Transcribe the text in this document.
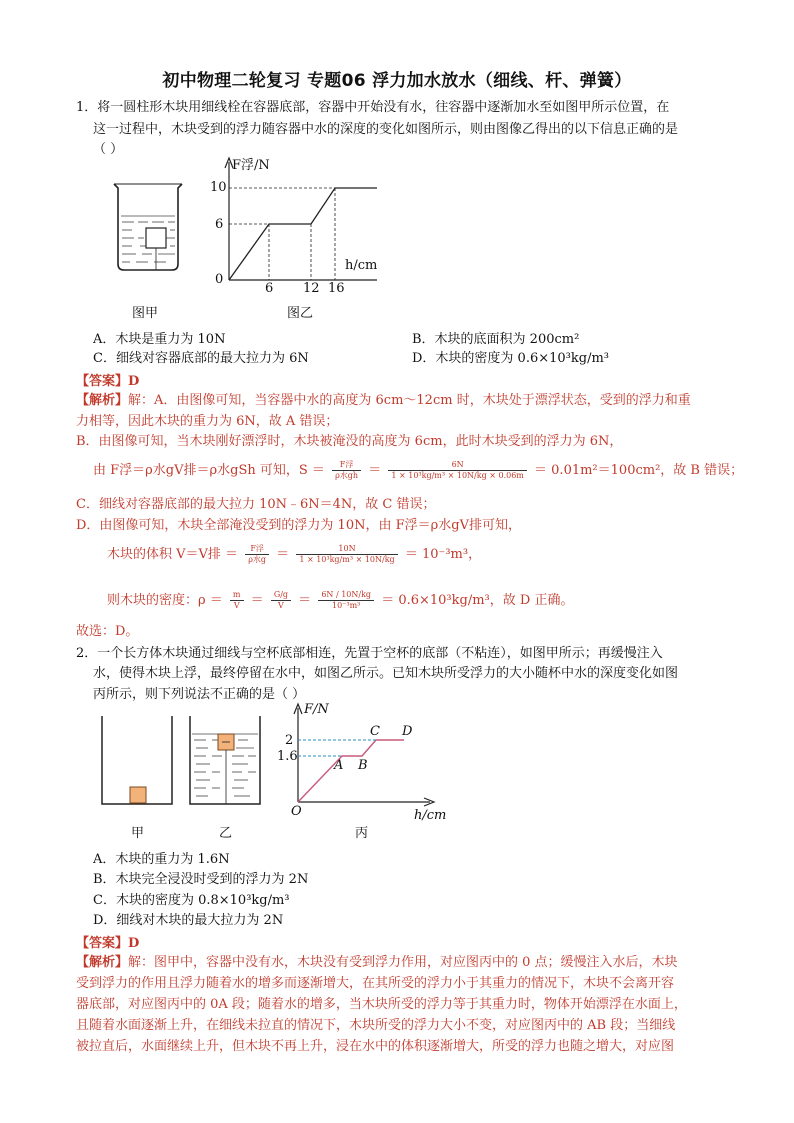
初中物理二轮复习 专题06 浮力加水放水（细线、杆、弹簧）
1．将一圆柱形木块用细线栓在容器底部，容器中开始没有水，往容器中逐渐加水至如图甲所示位置，在
这一过程中，木块受到的浮力随容器中水的深度的变化如图所示，则由图像乙得出的以下信息正确的是
（ ）
图甲
F浮/N
10
6
0
h/cm
6 12 16
图乙
A．木块是重力为 10N	B．木块的底面积为 200cm²
C．细线对容器底部的最大拉力为 6N	D．木块的密度为 0.6×10³kg/m³
【答案】D
【解析】解：A．由图像可知，当容器中水的高度为 6cm～12cm 时，木块处于漂浮状态，受到的浮力和重
力相等，因此木块的重力为 6N，故 A 错误；
B．由图像可知，当木块刚好漂浮时，木块被淹没的高度为 6cm，此时木块受到的浮力为 6N，
由 F浮＝ρ水gV排＝ρ水gSh 可知，$S = \frac{\text{F浮}}{\text{ρ水gh}} = \frac{6N}{\text{1 × 10³kg/m³ × 10N/kg × 0.06m}} = 0.01m^2=100cm^2$，故 B 错误；
C．细线对容器底部的最大拉力 10N﹣6N＝4N，故 C 错误；
D．由图像可知，木块全部淹没受到的浮力为 10N，由 F浮＝ρ水gV排可知，
木块的体积 V＝V排 ＝ $\frac{\text{F浮}}{\text{ρ水g}} = \frac{10N}{\text{1 × 10³kg/m³ × 10N/kg}} = 10^{-3}m^3$，
则木块的密度：$\rho = \frac{m}{V} = \frac{G/g}{V} = \frac{6N / 10N/kg}{\text{10⁻³m³}} = 0.6\times 10^3kg/m^3$，故 D 正确。
故选：D。
2．一个长方体木块通过细线与空杯底部相连，先置于空杯的底部（不粘连），如图甲所示；再缓慢注入
水，使得木块上浮，最终停留在水中，如图乙所示。已知木块所受浮力的大小随杯中水的深度变化如图
丙所示，则下列说法不正确的是（ ）
甲	乙
F/N
2
1.6
O
A B
C D
h/cm
丙
A．木块的重力为 1.6N
B．木块完全浸没时受到的浮力为 2N
C．木块的密度为 0.8×10³kg/m³
D．细线对木块的最大拉力为 2N
【答案】D
【解析】解：图甲中，容器中没有水，木块没有受到浮力作用，对应图丙中的 0 点；缓慢注入水后，木块
受到浮力的作用且浮力随着水的增多而逐渐增大，在其所受的浮力小于其重力的情况下，木块不会离开容
器底部，对应图丙中的 0A 段；随着水的增多，当木块所受的浮力等于其重力时，物体开始漂浮在水面上，
且随着水面逐渐上升，在细线未拉直的情况下，木块所受的浮力大小不变，对应图丙中的 AB 段；当细线
被拉直后，水面继续上升，但木块不再上升，浸在水中的体积逐渐增大，所受的浮力也随之增大，对应图
